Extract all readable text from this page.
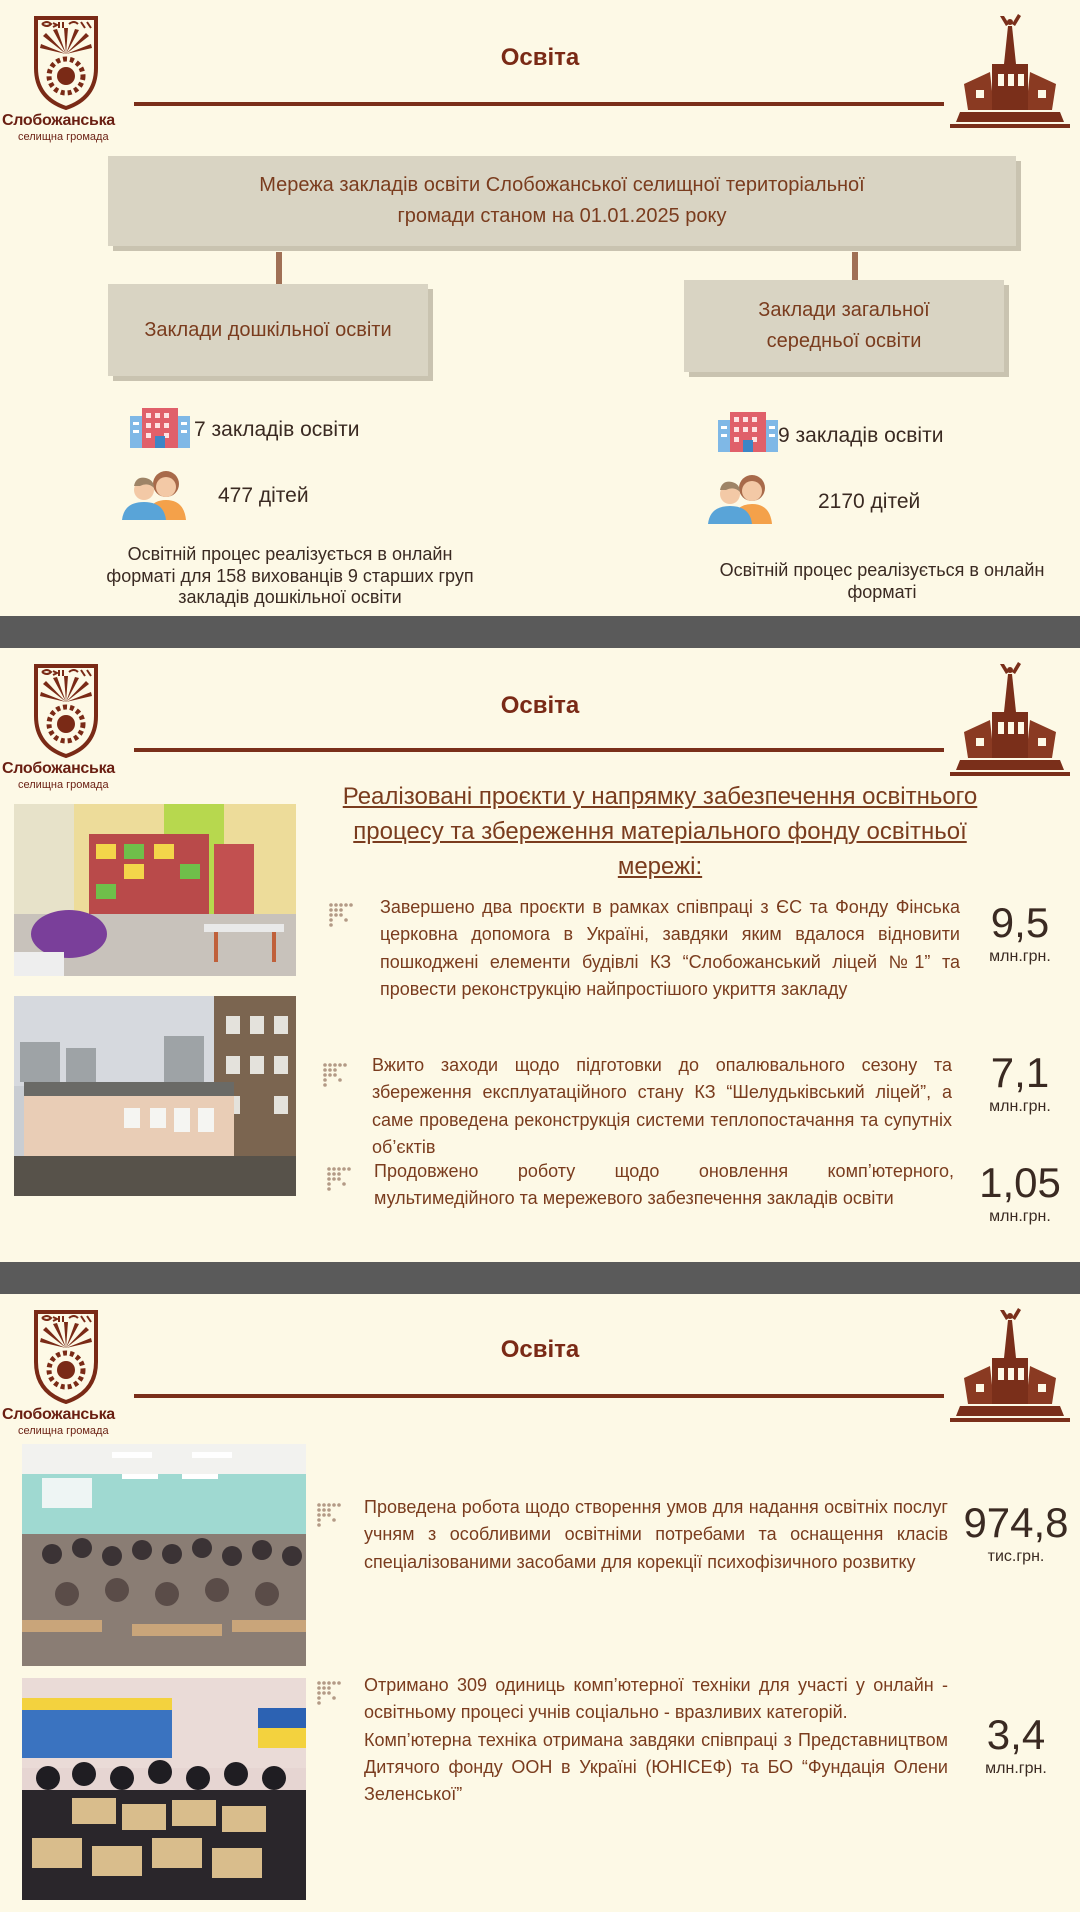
Слобожанська
селищна громада
Освіта
Мережа закладів освіти Слобожанської селищної територіальної громади станом на 01.01.2025 року
Заклади дошкільної освіти
Заклади загальної середньої освіти
7 закладів освіти
477 дітей
Освітній процес реалізується в онлайн форматі для 158 вихованців 9 старших груп закладів дошкільної освіти
9 закладів освіти
2170 дітей
Освітній процес реалізується в онлайн форматі
Слобожанська
селищна громада
Освіта
Реалізовані проєкти у напрямку забезпечення освітнього процесу та збереження матеріального фонду освітньої мережі:
Завершено два проєкти в рамках співпраці з ЄС та Фонду Фінська церковна допомога в Україні, завдяки яким вдалося відновити пошкоджені елементи будівлі КЗ “Слобожанський ліцей №1” та провести реконструкцію найпростішого укриття закладу
9,5
млн.грн.
Вжито заходи щодо підготовки до опалювального сезону та збереження експлуатаційного стану КЗ “Шелудьківський ліцей”, а саме проведена реконструкція системи теплопостачання та супутніх об’єктів
7,1
млн.грн.
Продовжено роботу щодо оновлення комп’ютерного, мультимедійного та мережевого забезпечення закладів освіти	1,05
млн.грн.
Слобожанська
селищна громада
Освіта
Проведена робота щодо створення умов для надання освітніх послуг учням з особливими освітніми потребами та оснащення класів спеціалізованими засобами для корекції психофізичного розвитку
974,8
тис.грн.
Отримано 309 одиниць комп’ютерної техніки для участі у онлайн - освітньому процесі учнів соціально - вразливих категорій.
Комп’ютерна техніка отримана завдяки співпраці з Представництвом Дитячого фонду ООН в Україні (ЮНІСЕФ) та БО “Фундація Олени Зеленської”
3,4
млн.грн.
